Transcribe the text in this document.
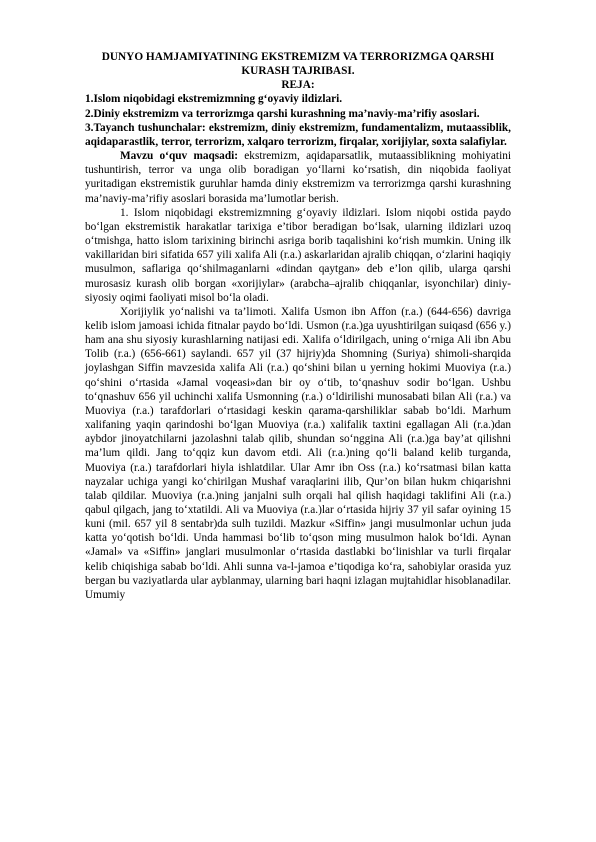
DUNYO HAMJAMIYATINING EKSTREMIZM VA TERRORIZMGA QARSHI KURASH TAJRIBASI.

REJA:

1.Islom niqobidagi ekstremizmning g‘oyaviy ildizlari.

2.Diniy ekstremizm va terrorizmga qarshi kurashning ma’naviy-ma’rifiy asoslari.

3.Tayanch tushunchalar: ekstremizm, diniy ekstremizm, fundamentalizm, mutaassiblik, aqidaparastlik, terror, terrorizm, xalqaro terrorizm, firqalar, xorijiylar, soxta salafiylar.

Mavzu o‘quv maqsadi: ekstremizm, aqidaparsatlik, mutaassiblikning mohiyatini tushuntirish, terror va unga olib boradigan yo‘llarni ko‘rsatish, din niqobida faoliyat yuritadigan ekstremistik guruhlar hamda diniy ekstremizm va terrorizmga qarshi kurashning ma’naviy-ma’rifiy asoslari borasida ma’lumotlar berish.

1. Islom niqobidagi ekstremizmning g‘oyaviy ildizlari. Islom niqobi ostida paydo bo‘lgan ekstremistik harakatlar tarixiga e’tibor beradigan bo‘lsak, ularning ildizlari uzoq o‘tmishga, hatto islom tarixining birinchi asriga borib taqalishini ko‘rish mumkin. Uning ilk vakillaridan biri sifatida 657 yili xalifa Ali (r.a.) askarlaridan ajralib chiqqan, o‘zlarini haqiqiy musulmon, saflariga qo‘shilmaganlarni «dindan qaytgan» deb e’lon qilib, ularga qarshi murosasiz kurash olib borgan «xorijiylar» (arabcha–ajralib chiqqanlar, isyonchilar) diniy-siyosiy oqimi faoliyati misol bo‘la oladi.

Xorijiylik yo‘nalishi va ta’limoti. Xalifa Usmon ibn Affon (r.a.) (644-656) davriga kelib islom jamoasi ichida fitnalar paydo bo‘ldi. Usmon (r.a.)ga uyushtirilgan suiqasd (656 y.) ham ana shu siyosiy kurashlarning natijasi edi. Xalifa o‘ldirilgach, uning o‘rniga Ali ibn Abu Tolib (r.a.) (656-661) saylandi. 657 yil (37 hijriy)da Shomning (Suriya) shimoli-sharqida joylashgan Siffin mavzesida xalifa Ali (r.a.) qo‘shini bilan u yerning hokimi Muoviya (r.a.) qo‘shini o‘rtasida «Jamal voqeasi»dan bir oy o‘tib, to‘qnashuv sodir bo‘lgan. Ushbu to‘qnashuv 656 yil uchinchi xalifa Usmonning (r.a.) o‘ldirilishi munosabati bilan Ali (r.a.) va Muoviya (r.a.) tarafdorlari o‘rtasidagi keskin qarama-qarshiliklar sabab bo‘ldi. Marhum xalifaning yaqin qarindoshi bo‘lgan Muoviya (r.a.) xalifalik taxtini egallagan Ali (r.a.)dan aybdor jinoyatchilarni jazolashni talab qilib, shundan so‘nggina Ali (r.a.)ga bay’at qilishni ma’lum qildi. Jang to‘qqiz kun davom etdi. Ali (r.a.)ning qo‘li baland kelib turganda, Muoviya (r.a.) tarafdorlari hiyla ishlatdilar. Ular Amr ibn Oss (r.a.) ko‘rsatmasi bilan katta nayzalar uchiga yangi ko‘chirilgan Mushaf varaqlarini ilib, Qur’on bilan hukm chiqarishni talab qildilar. Muoviya (r.a.)ning janjalni sulh orqali hal qilish haqidagi taklifini Ali (r.a.) qabul qilgach, jang to‘xtatildi. Ali va Muoviya (r.a.)lar o‘rtasida hijriy 37 yil safar oyining 15 kuni (mil. 657 yil 8 sentabr)da sulh tuzildi. Mazkur «Siffin» jangi musulmonlar uchun juda katta yo‘qotish bo‘ldi. Unda hammasi bo‘lib to‘qson ming musulmon halok bo‘ldi. Aynan «Jamal» va «Siffin» janglari musulmonlar o‘rtasida dastlabki bo‘linishlar va turli firqalar kelib chiqishiga sabab bo‘ldi. Ahli sunna va-l-jamoa e’tiqodiga ko‘ra, sahobiylar orasida yuz bergan bu vaziyatlarda ular ayblanmay, ularning bari haqni izlagan mujtahidlar hisoblanadilar. Umumiy
